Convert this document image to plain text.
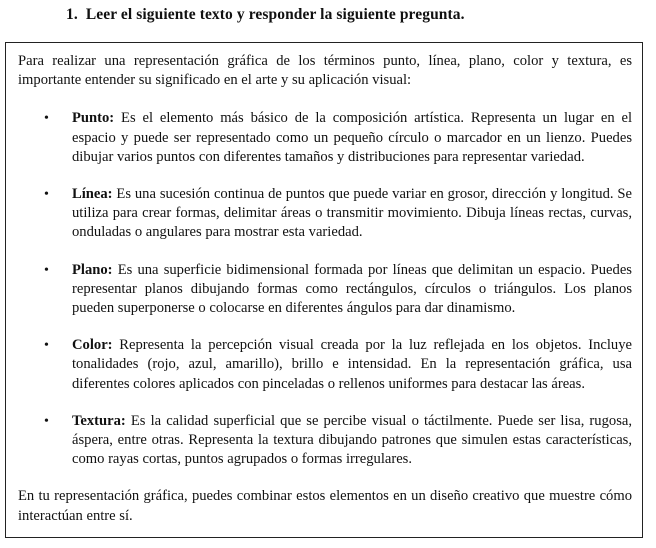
1. Leer el siguiente texto y responder la siguiente pregunta.

Para realizar una representación gráfica de los términos punto, línea, plano, color y textura, es importante entender su significado en el arte y su aplicación visual:

• Punto: Es el elemento más básico de la composición artística. Representa un lugar en el espacio y puede ser representado como un pequeño círculo o marcador en un lienzo. Puedes dibujar varios puntos con diferentes tamaños y distribuciones para representar variedad.
• Línea: Es una sucesión continua de puntos que puede variar en grosor, dirección y longitud. Se utiliza para crear formas, delimitar áreas o transmitir movimiento. Dibuja líneas rectas, curvas, onduladas o angulares para mostrar esta variedad.
• Plano: Es una superficie bidimensional formada por líneas que delimitan un espacio. Puedes representar planos dibujando formas como rectángulos, círculos o triángulos. Los planos pueden superponerse o colocarse en diferentes ángulos para dar dinamismo.
• Color: Representa la percepción visual creada por la luz reflejada en los objetos. Incluye tonalidades (rojo, azul, amarillo), brillo e intensidad. En la representación gráfica, usa diferentes colores aplicados con pinceladas o rellenos uniformes para destacar las áreas.
• Textura: Es la calidad superficial que se percibe visual o táctilmente. Puede ser lisa, rugosa, áspera, entre otras. Representa la textura dibujando patrones que simulen estas características, como rayas cortas, puntos agrupados o formas irregulares.

En tu representación gráfica, puedes combinar estos elementos en un diseño creativo que muestre cómo interactúan entre sí.
